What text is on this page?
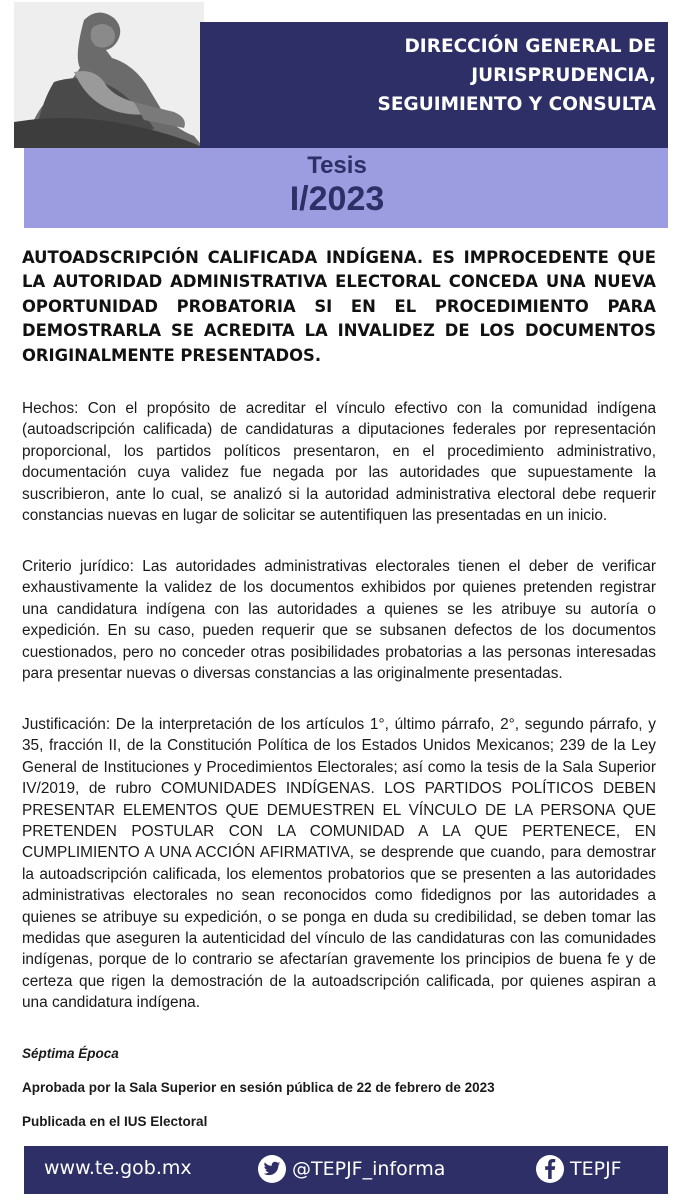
DIRECCIÓN GENERAL DE JURISPRUDENCIA,
SEGUIMIENTO Y CONSULTA
Tesis
I/2023
AUTOADSCRIPCIÓN CALIFICADA INDÍGENA. ES IMPROCEDENTE QUE LA AUTORIDAD ADMINISTRATIVA ELECTORAL CONCEDA UNA NUEVA OPORTUNIDAD PROBATORIA SI EN EL PROCEDIMIENTO PARA DEMOSTRARLA SE ACREDITA LA INVALIDEZ DE LOS DOCUMENTOS ORIGINALMENTE PRESENTADOS.
Hechos: Con el propósito de acreditar el vínculo efectivo con la comunidad indígena (autoadscripción calificada) de candidaturas a diputaciones federales por representación proporcional, los partidos políticos presentaron, en el procedimiento administrativo, documentación cuya validez fue negada por las autoridades que supuestamente la suscribieron, ante lo cual, se analizó si la autoridad administrativa electoral debe requerir constancias nuevas en lugar de solicitar se autentifiquen las presentadas en un inicio.
Criterio jurídico: Las autoridades administrativas electorales tienen el deber de verificar exhaustivamente la validez de los documentos exhibidos por quienes pretenden registrar una candidatura indígena con las autoridades a quienes se les atribuye su autoría o expedición. En su caso, pueden requerir que se subsanen defectos de los documentos cuestionados, pero no conceder otras posibilidades probatorias a las personas interesadas para presentar nuevas o diversas constancias a las originalmente presentadas.
Justificación: De la interpretación de los artículos 1°, último párrafo, 2°, segundo párrafo, y 35, fracción II, de la Constitución Política de los Estados Unidos Mexicanos; 239 de la Ley General de Instituciones y Procedimientos Electorales; así como la tesis de la Sala Superior IV/2019, de rubro COMUNIDADES INDÍGENAS. LOS PARTIDOS POLÍTICOS DEBEN PRESENTAR ELEMENTOS QUE DEMUESTREN EL VÍNCULO DE LA PERSONA QUE PRETENDEN POSTULAR CON LA COMUNIDAD A LA QUE PERTENECE, EN CUMPLIMIENTO A UNA ACCIÓN AFIRMATIVA, se desprende que cuando, para demostrar la autoadscripción calificada, los elementos probatorios que se presenten a las autoridades administrativas electorales no sean reconocidos como fidedignos por las autoridades a quienes se atribuye su expedición, o se ponga en duda su credibilidad, se deben tomar las medidas que aseguren la autenticidad del vínculo de las candidaturas con las comunidades indígenas, porque de lo contrario se afectarían gravemente los principios de buena fe y de certeza que rigen la demostración de la autoadscripción calificada, por quienes aspiran a una candidatura indígena.
Séptima Época
Aprobada por la Sala Superior en sesión pública de 22 de febrero de 2023
Publicada en el IUS Electoral
www.te.gob.mx	@TEPJF_informa	TEPJF
